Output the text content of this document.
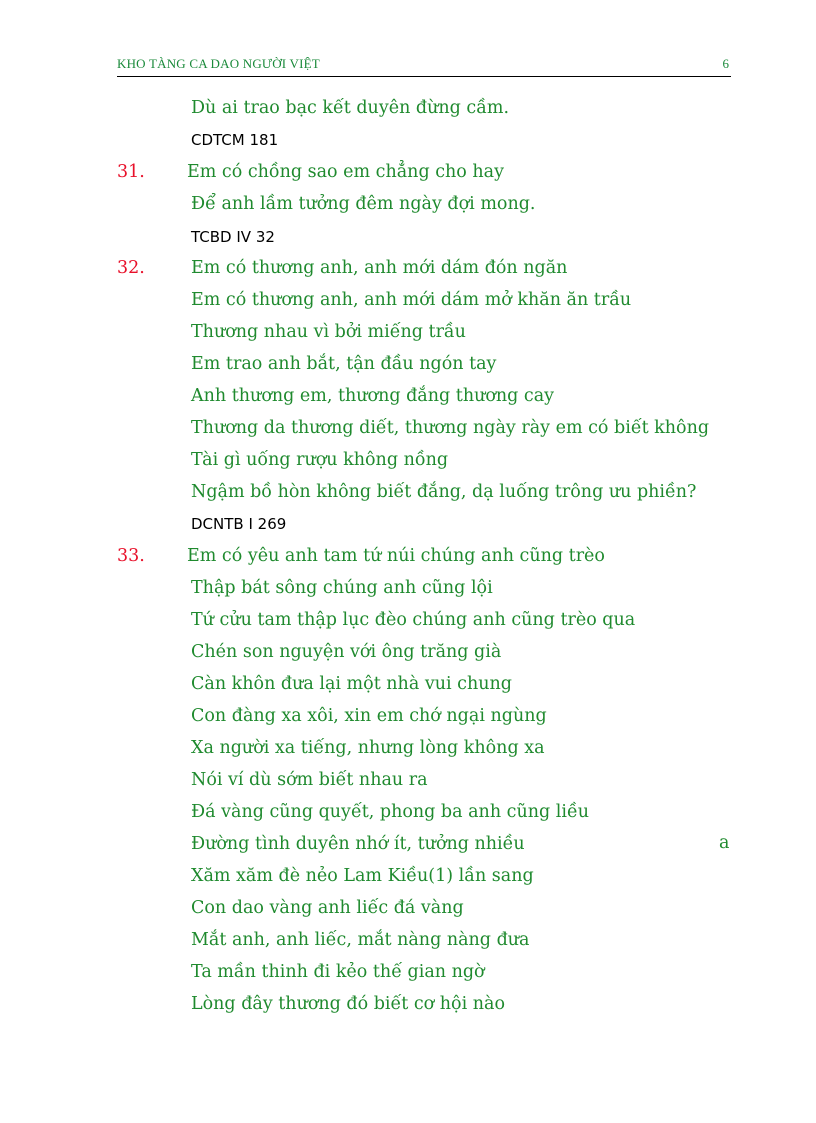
KHO TÀNG CA DAO NGƯỜI VIỆT	6
Dù ai trao bạc kết duyên đừng cầm.
CDTCM 181
31. Em có chồng sao em chẳng cho hay
Để anh lầm tưởng đêm ngày đợi mong.
TCBD IV 32
32.	Em có thương anh, anh mới dám đón ngăn
Em có thương anh, anh mới dám mở khăn ăn trầu
Thương nhau vì bởi miếng trầu
Em trao anh bắt, tận đầu ngón tay
Anh thương em, thương đắng thương cay
Thương da thương diết, thương ngày rày em có biết không
Tài gì uống rượu không nồng
Ngậm bồ hòn không biết đắng, dạ luống trông ưu phiền?
DCNTB I 269
33. Em có yêu anh tam tứ núi chúng anh cũng trèo
Thập bát sông chúng anh cũng lội
Tứ cửu tam thập lục đèo chúng anh cũng trèo qua
Chén son nguyện với ông trăng già
Càn khôn đưa lại một nhà vui chung
Con đàng xa xôi, xin em chớ ngại ngùng
Xa người xa tiếng, nhưng lòng không xa
Nói ví dù sớm biết nhau ra
Đá vàng cũng quyết, phong ba anh cũng liều
Đường tình duyên nhớ ít, tưởng nhiều
Xăm xăm đè nẻo Lam Kiều(1) lần sang
Con dao vàng anh liếc đá vàng
Mắt anh, anh liếc, mắt nàng nàng đưa
Ta mần thinh đi kẻo thế gian ngờ
Lòng đây thương đó biết cơ hội nào
a
